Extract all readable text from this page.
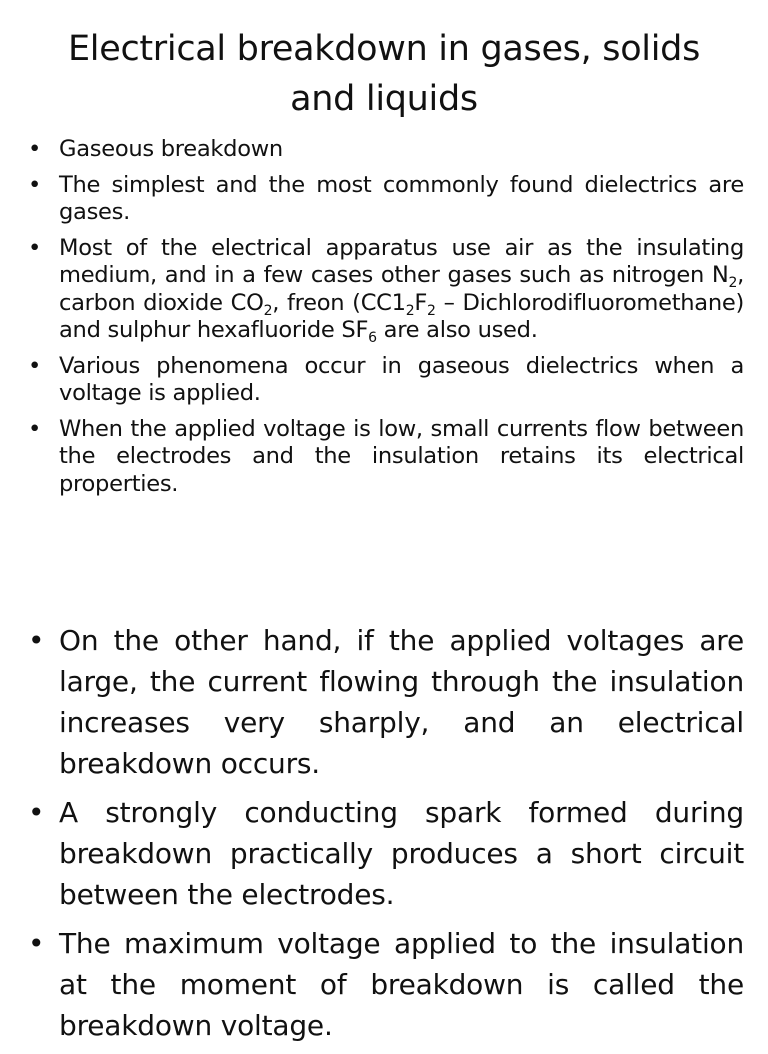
Electrical breakdown in gases, solids and liquids
• Gaseous breakdown
• The simplest and the most commonly found dielectrics are gases.
• Most of the electrical apparatus use air as the insulating medium, and in a few cases other gases such as nitrogen $N_2$, carbon dioxide $CO_2$, freon ($CC1_2F_2$ – Dichlorodifluoromethane) and sulphur hexafluoride $SF_6$ are also used.
• Various phenomena occur in gaseous dielectrics when a voltage is applied.
• When the applied voltage is low, small currents flow between the electrodes and the insulation retains its electrical properties.
• On the other hand, if the applied voltages are large, the current flowing through the insulation increases very sharply, and an electrical breakdown occurs.
• A strongly conducting spark formed during breakdown practically produces a short circuit between the electrodes.
• The maximum voltage applied to the insulation at the moment of breakdown is called the breakdown voltage.
